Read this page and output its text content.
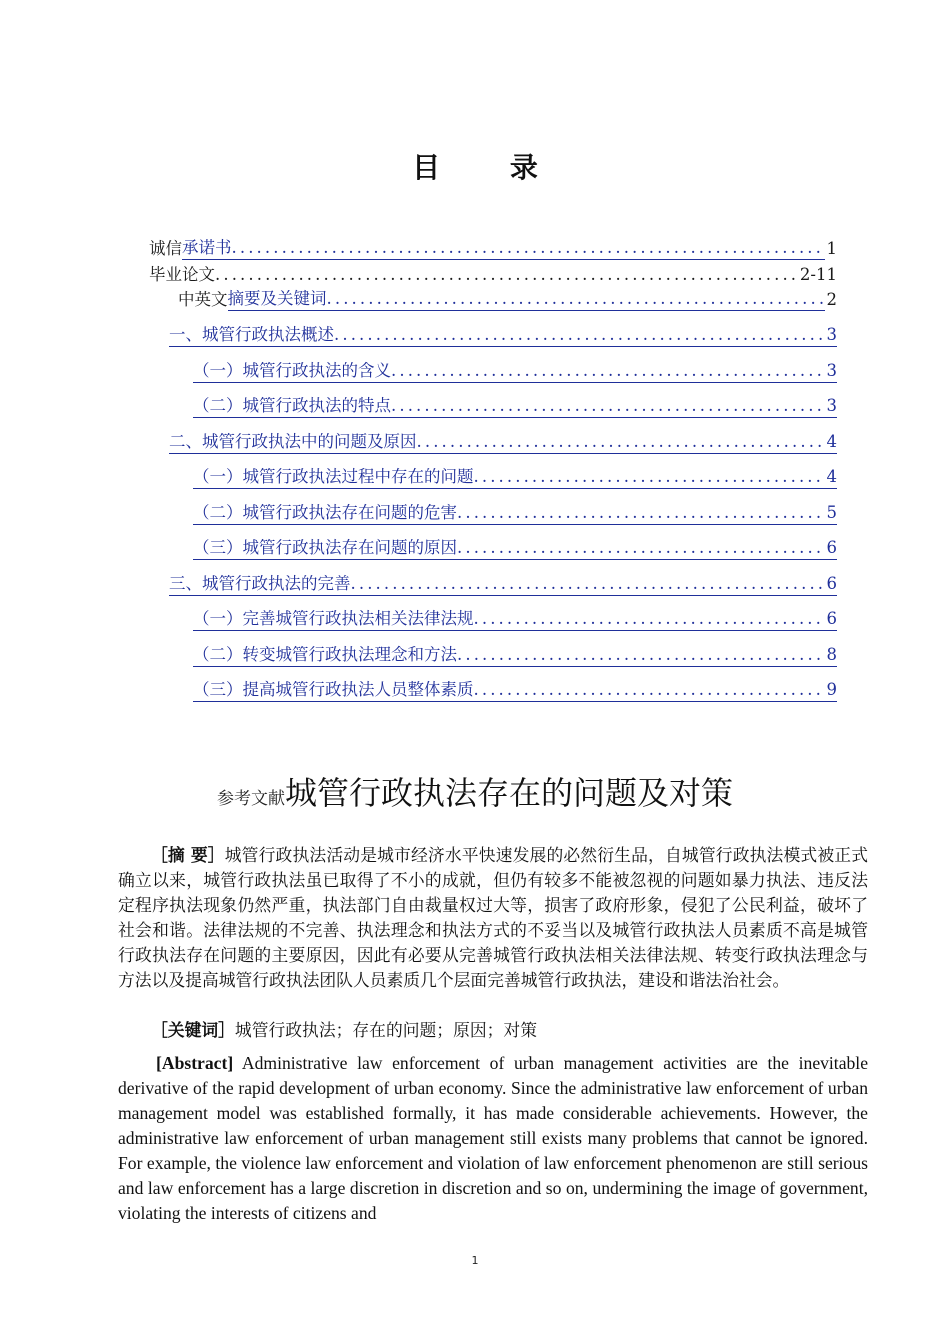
目 录
诚信 承诺书 .....	1
毕业论文 .....	2-11
中英文 摘要及关键词 .....	2
一、城管行政执法概述 .....	3
（一）城管行政执法的含义 .....	3
（二）城管行政执法的特点 .....	3
二、城管行政执法中的问题及原因 .....	4
（一）城管行政执法过程中存在的问题 .....	4
（二）城管行政执法存在问题的危害 .....	5
（三）城管行政执法存在问题的原因 .....	6
三、城管行政执法的完善 .....	6
（一）完善城管行政执法相关法律法规 .....	6
（二）转变城管行政执法理念和方法 .....	8
（三）提高城管行政执法人员整体素质 .....	9
参考文献城管行政执法存在的问题及对策
［摘 要］城管行政执法活动是城市经济水平快速发展的必然衍生品，自城管行政执法模式被正式确立以来，城管行政执法虽已取得了不小的成就，但仍有较多不能被忽视的问题如暴力执法、违反法定程序执法现象仍然严重，执法部门自由裁量权过大等，损害了政府形象，侵犯了公民利益，破坏了社会和谐。法律法规的不完善、执法理念和执法方式的不妥当以及城管行政执法人员素质不高是城管行政执法存在问题的主要原因，因此有必要从完善城管行政执法相关法律法规、转变行政执法理念与方法以及提高城管行政执法团队人员素质几个层面完善城管行政执法，建设和谐法治社会。
［关键词］城管行政执法；存在的问题；原因；对策
[Abstract] Administrative law enforcement of urban management activities are the inevitable derivative of the rapid development of urban economy. Since the administrative law enforcement of urban management model was established formally, it has made considerable achievements. However, the administrative law enforcement of urban management still exists many problems that cannot be ignored. For example, the violence law enforcement and violation of law enforcement phenomenon are still serious and law enforcement has a large discretion in discretion and so on, undermining the image of government, violating the interests of citizens and
1
